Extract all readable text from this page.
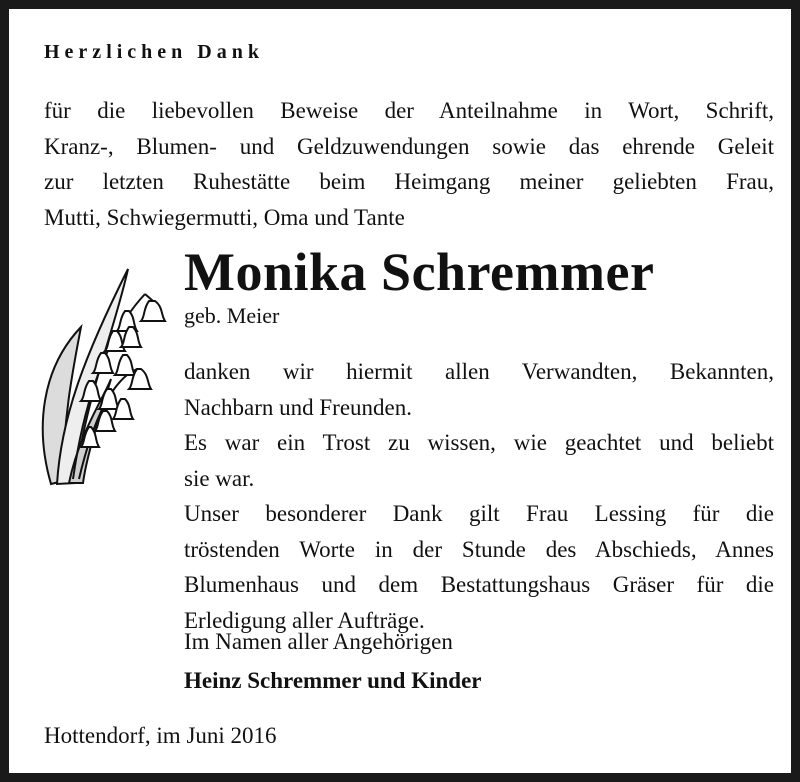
Herzlichen Dank
für die liebevollen Beweise der Anteilnahme in Wort, Schrift,
Kranz-, Blumen- und Geldzuwendungen sowie das ehrende Geleit
zur letzten Ruhestätte beim Heimgang meiner geliebten Frau,
Mutti, Schwiegermutti, Oma und Tante
Monika Schremmer
geb. Meier
danken wir hiermit allen Verwandten, Bekannten,
Nachbarn und Freunden.
Es war ein Trost zu wissen, wie geachtet und beliebt
sie war.
Unser besonderer Dank gilt Frau Lessing für die
tröstenden Worte in der Stunde des Abschieds, Annes
Blumenhaus und dem Bestattungshaus Gräser für die
Erledigung aller Aufträge.
Im Namen aller Angehörigen
Heinz Schremmer und Kinder
Hottendorf, im Juni 2016
